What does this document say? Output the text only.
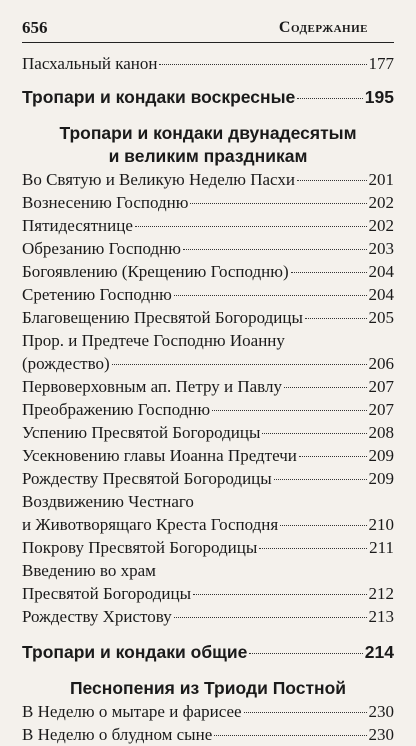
656	Содержание
Пасхальный канон	177
Тропари и кондаки воскресные	195
Тропари и кондаки двунадесятым
и великим праздникам
Во Святую и Великую Неделю Пасхи	201
Вознесению Господню	202
Пятидесятнице	202
Обрезанию Господню	203
Богоявлению (Крещению Господню)	204
Сретению Господню	204
Благовещению Пресвятой Богородицы	205
Прор. и Предтече Господню Иоанну
(рождество)	206
Первоверховным ап. Петру и Павлу	207
Преображению Господню	207
Успению Пресвятой Богородицы	208
Усекновению главы Иоанна Предтечи	209
Рождеству Пресвятой Богородицы	209
Воздвижению Честнаго
и Животворящаго Креста Господня	210
Покрову Пресвятой Богородицы	211
Введению во храм
Пресвятой Богородицы	212
Рождеству Христову	213
Тропари и кондаки общие	214
Песнопения из Триоди Постной
В Неделю о мытаре и фарисее	230
В Неделю о блудном сыне	230
